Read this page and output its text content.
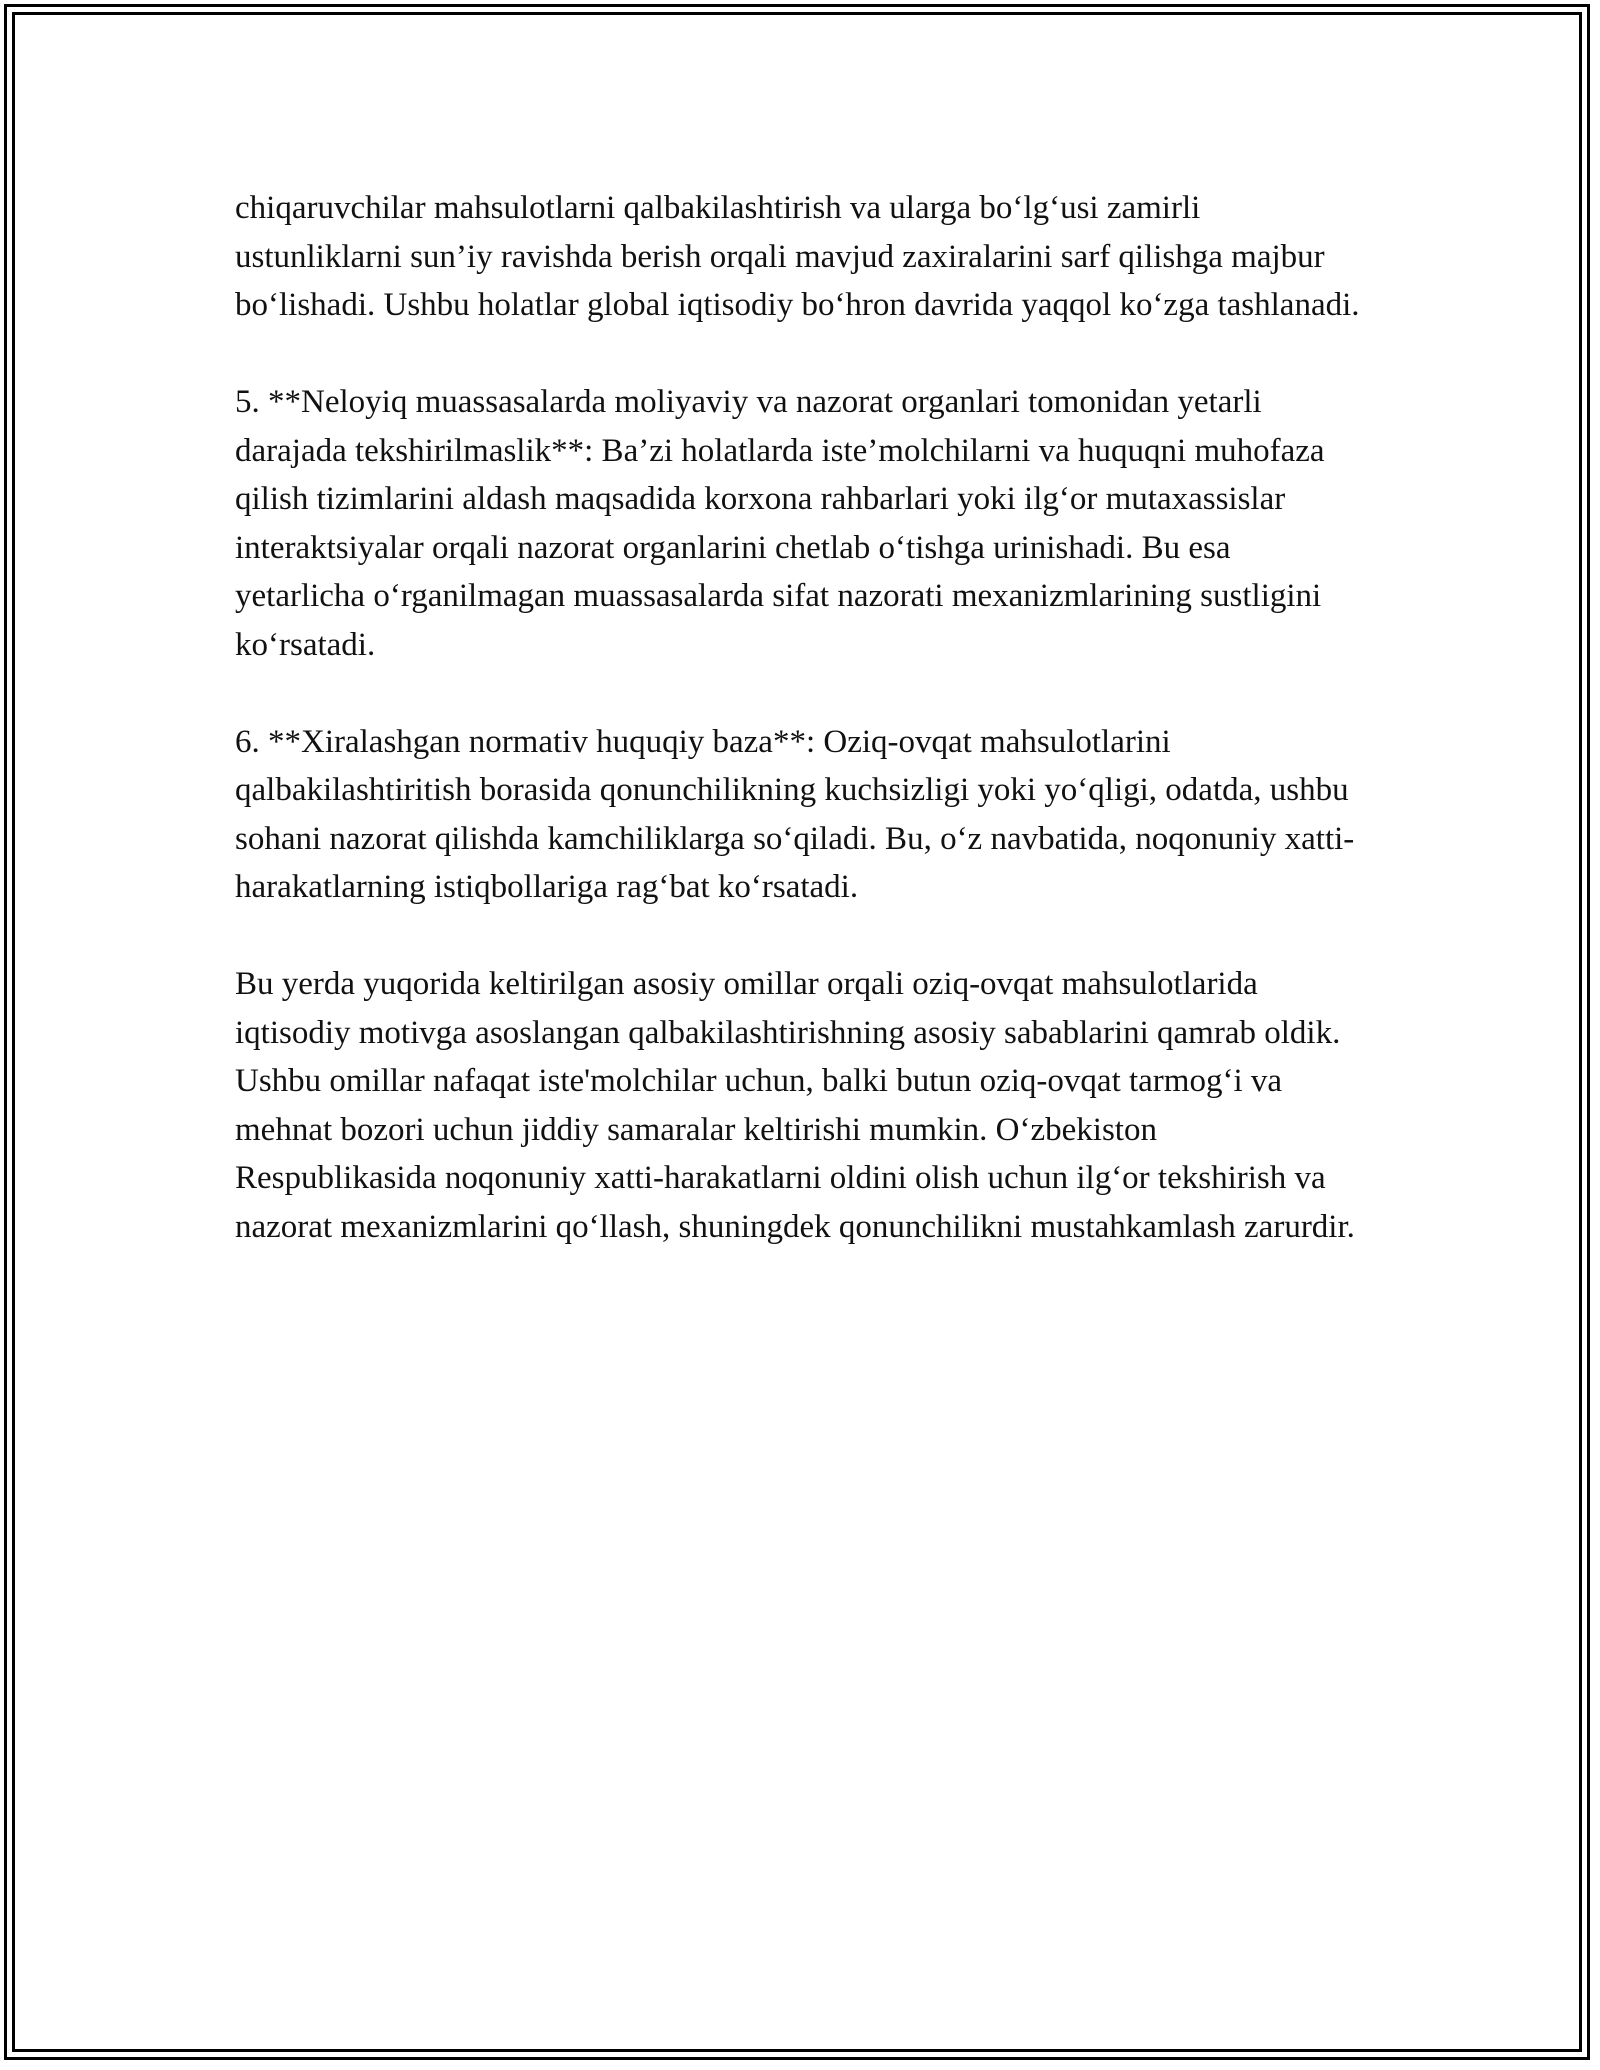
chiqaruvchilar mahsulotlarni qalbakilashtirish va ularga bo‘lg‘usi zamirli ustunliklarni sun’iy ravishda berish orqali mavjud zaxiralarini sarf qilishga majbur bo‘lishadi. Ushbu holatlar global iqtisodiy bo‘hron davrida yaqqol ko‘zga tashlanadi.

5. **Neloyiq muassasalarda moliyaviy va nazorat organlari tomonidan yetarli darajada tekshirilmaslik**: Ba’zi holatlarda iste’molchilarni va huquqni muhofaza qilish tizimlarini aldash maqsadida korxona rahbarlari yoki ilg‘or mutaxassislar interaktsiyalar orqali nazorat organlarini chetlab o‘tishga urinishadi. Bu esa yetarlicha o‘rganilmagan muassasalarda sifat nazorati mexanizmlarining sustligini ko‘rsatadi.

6. **Xiralashgan normativ huquqiy baza**: Oziq-ovqat mahsulotlarini qalbakilashtiritish borasida qonunchilikning kuchsizligi yoki yo‘qligi, odatda, ushbu sohani nazorat qilishda kamchiliklarga so‘qiladi. Bu, o‘z navbatida, noqonuniy xatti-harakatlarning istiqbollariga rag‘bat ko‘rsatadi.

Bu yerda yuqorida keltirilgan asosiy omillar orqali oziq-ovqat mahsulotlarida iqtisodiy motivga asoslangan qalbakilashtirishning asosiy sabablarini qamrab oldik. Ushbu omillar nafaqat iste'molchilar uchun, balki butun oziq-ovqat tarmog‘i va mehnat bozori uchun jiddiy samaralar keltirishi mumkin. O‘zbekiston Respublikasida noqonuniy xatti-harakatlarni oldini olish uchun ilg‘or tekshirish va nazorat mexanizmlarini qo‘llash, shuningdek qonunchilikni mustahkamlash zarurdir.
